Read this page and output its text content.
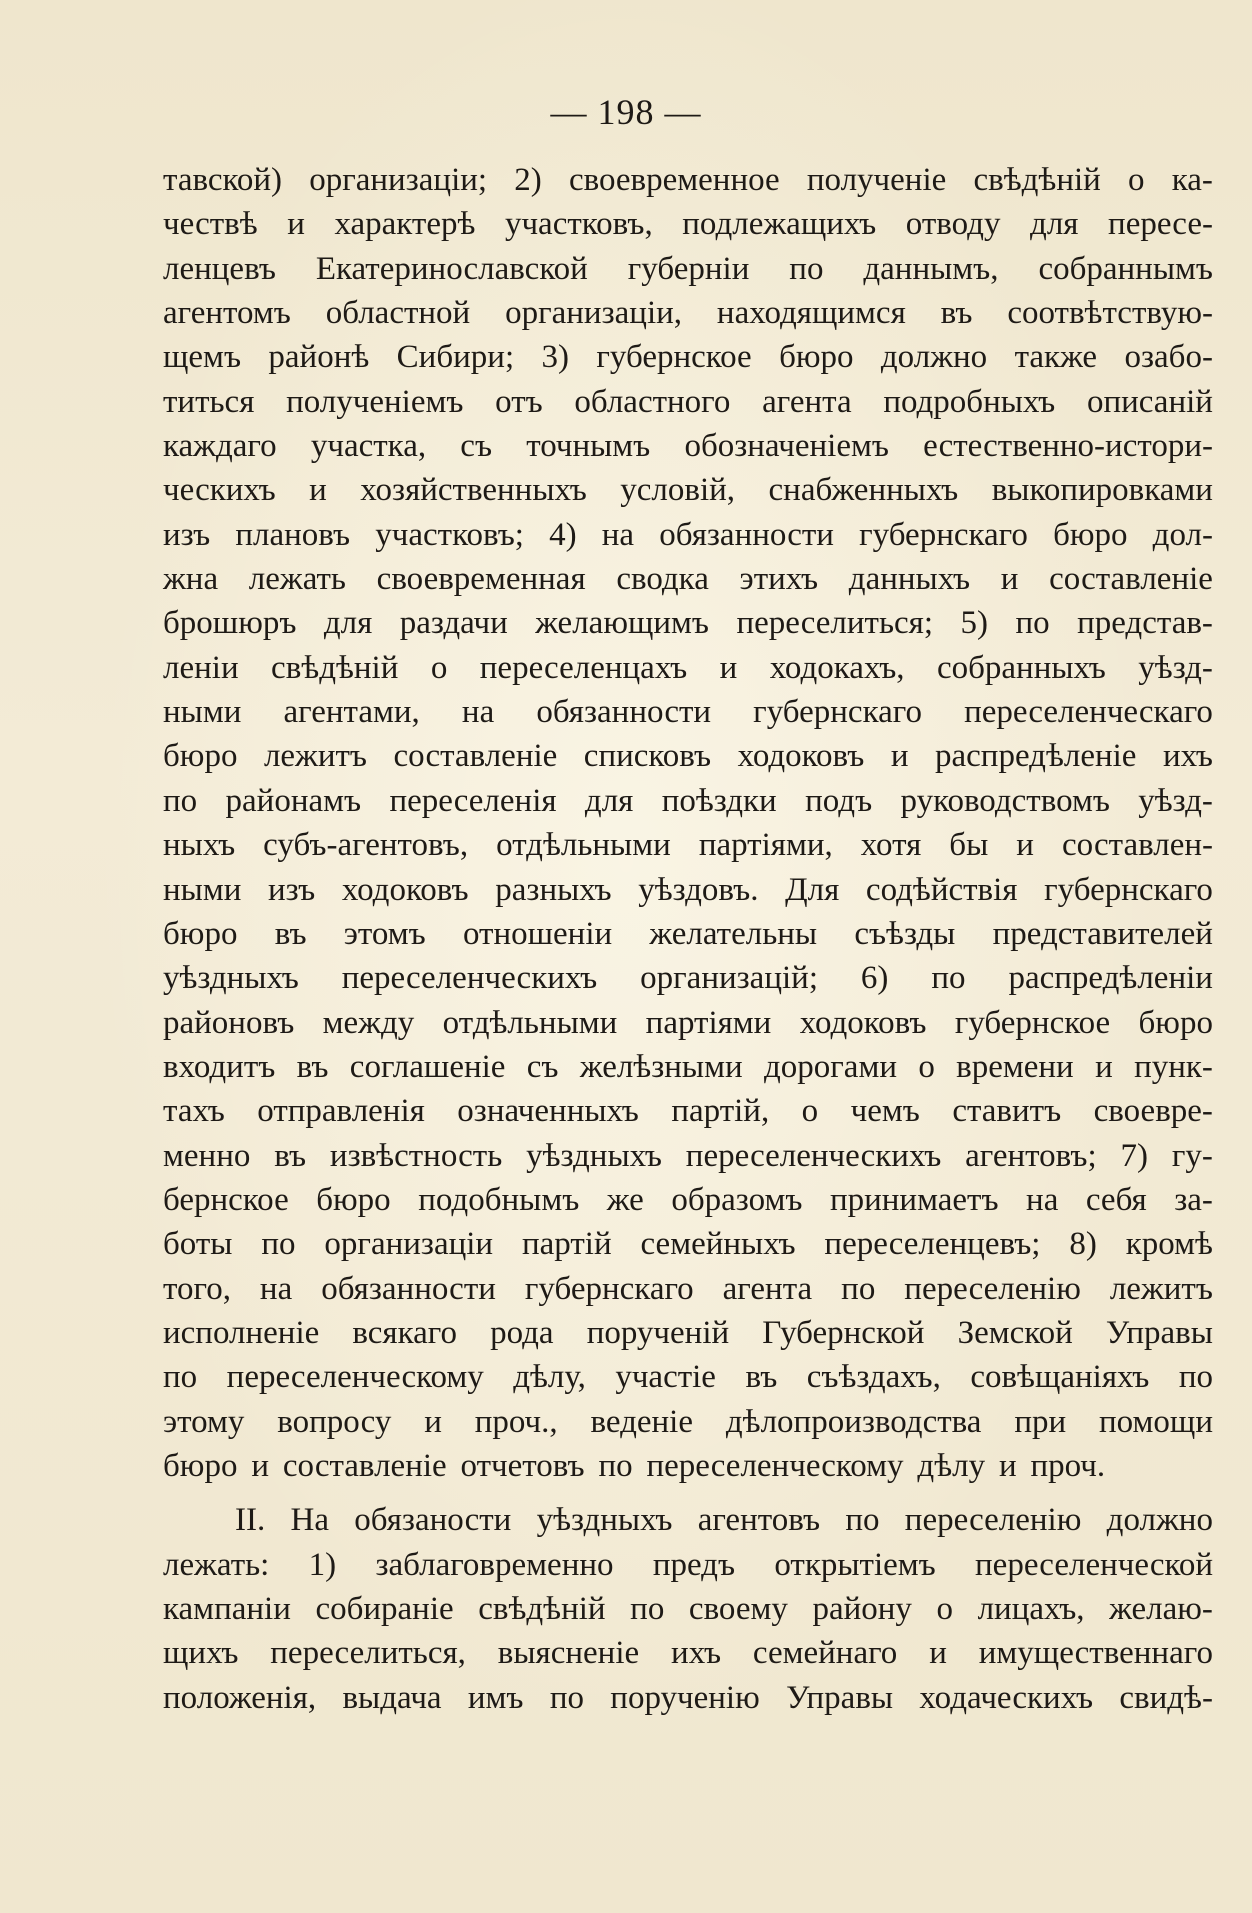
— 198 —
тавской) организацiи; 2) своевременное полученiе свѣдѣнiй о ка-
чествѣ и характерѣ участковъ, подлежащихъ отводу для пересе-
ленцевъ Екатеринославской губернiи по даннымъ, собраннымъ
агентомъ областной организацiи, находящимся въ соотвѣтствую-
щемъ районѣ Сибири; 3) губернское бюро должно также озабо-
титься полученiемъ отъ областного агента подробныхъ описанiй
каждаго участка, съ точнымъ обозначенiемъ естественно-истори-
ческихъ и хозяйственныхъ условiй, снабженныхъ выкопировками
изъ плановъ участковъ; 4) на обязанности губернскаго бюро дол-
жна лежать своевременная сводка этихъ данныхъ и составленiе
брошюръ для раздачи желающимъ переселиться; 5) по представ-
ленiи свѣдѣнiй о переселенцахъ и ходокахъ, собранныхъ уѣзд-
ными агентами, на обязанности губернскаго переселенческаго
бюро лежитъ составленiе списковъ ходоковъ и распредѣленiе ихъ
по районамъ переселенiя для поѣздки подъ руководствомъ уѣзд-
ныхъ субъ-агентовъ, отдѣльными партiями, хотя бы и составлен-
ными изъ ходоковъ разныхъ уѣздовъ. Для содѣйствiя губернскаго
бюро въ этомъ отношенiи желательны съѣзды представителей
уѣздныхъ переселенческихъ организацiй; 6) по распредѣленiи
районовъ между отдѣльными партiями ходоковъ губернское бюро
входитъ въ соглашенiе съ желѣзными дорогами о времени и пунк-
тахъ отправленiя означенныхъ партiй, о чемъ ставитъ своевре-
менно въ извѣстность уѣздныхъ переселенческихъ агентовъ; 7) гу-
бернское бюро подобнымъ же образомъ принимаетъ на себя за-
боты по организацiи партiй семейныхъ переселенцевъ; 8) кромѣ
того, на обязанности губернскаго агента по переселенiю лежитъ
исполненiе всякаго рода порученiй Губернской Земской Управы
по переселенческому дѣлу, участiе въ съѣздахъ, совѣщанiяхъ по
этому вопросу и проч., веденiе дѣлопроизводства при помощи
бюро и составленiе отчетовъ по переселенческому дѣлу и проч.
II. На обязаности уѣздныхъ агентовъ по переселенiю должно
лежать: 1) заблаговременно предъ открытiемъ переселенческой
кампанiи собиранiе свѣдѣнiй по своему району о лицахъ, желаю-
щихъ переселиться, выясненiе ихъ семейнаго и имущественнаго
положенiя, выдача имъ по порученiю Управы ходаческихъ свидѣ-
